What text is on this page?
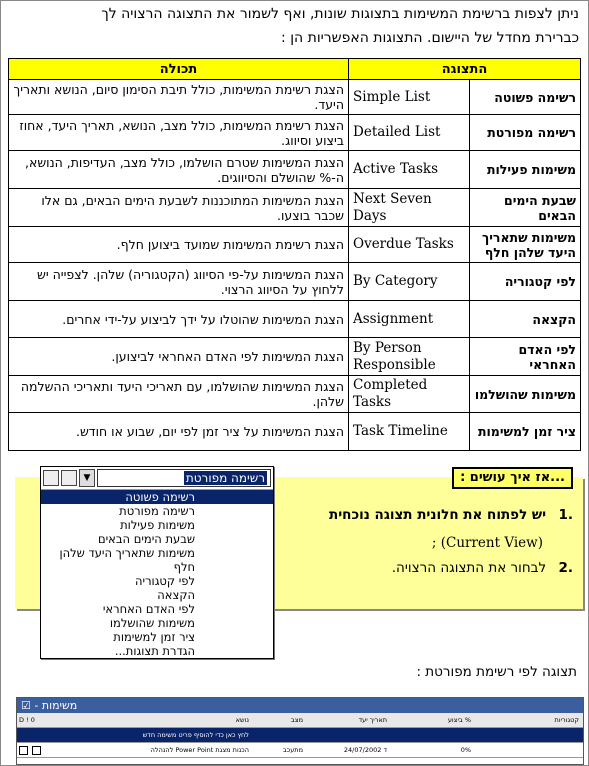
ניתן לצפות ברשימת המשימות בתצוגות שונות, ואף לשמור את התצוגה הרצויה לך

כברירת מחדל של היישום. התצוגות האפשריות הן :

התצוגה		תכולה
רשימה פשוטה	Simple List	הצגת רשימת המשימות, כולל תיבת הסימון סיום, הנושא ותאריך היעד.
רשימה מפורטת	Detailed List	הצגת רשימת המשימות, כולל מצב, הנושא, תאריך היעד, אחוז ביצוע וסיווג.
משימות פעילות	Active Tasks	הצגת המשימות שטרם הושלמו, כולל מצב, העדיפות, הנושא, ה-% שהושלם והסיווגים.
שבעת הימים הבאים	Next Seven Days	הצגת המשימות המתוכננות לשבעת הימים הבאים, גם אלו שכבר בוצעו.
משימות שתאריך היעד שלהן חלף	Overdue Tasks	הצגת רשימת המשימות שמועד ביצוען חלף.
לפי קטגוריה	By Category	הצגת המשימות על-פי הסיווג (הקטגוריה) שלהן. לצפייה יש ללחוץ על הסיווג הרצוי.
הקצאה	Assignment	הצגת המשימות שהוטלו על ידך לביצוע על-ידי אחרים.
לפי האדם האחראי	By Person Responsible	הצגת המשימות לפי האדם האחראי לביצוען.
משימות שהושלמו	Completed Tasks	הצגת המשימות שהושלמו, עם תאריכי היעד ותאריכי ההשלמה שלהן.
ציר זמן למשימות	Task Timeline	הצגת המשימות על ציר זמן לפי יום, שבוע או חודש.
...אז איך עושים :
.1 יש לפתוח את חלונית תצוגה נוכחית
(Current View) ;
.2 לבחור את התצוגה הרצויה.
▼	רשימה מפורטת
רשימה פשוטה
רשימה מפורטת
משימות פעילות
שבעת הימים הבאים
משימות שתאריך היעד שלהן חלף
לפי קטגוריה
הקצאה
לפי האדם האחראי
משימות שהושלמו
ציר זמן למשימות
הגדרת תצוגות...
תצוגה לפי רשימת מפורטת :
☑ - משימות
D ! 0	נושא	מצב	תאריך יעד	% ביצוע	קטגוריות
לחץ כאן כדי להוסיף פריט משימה חדש

הכנות מצגת Power Point להנהלה	מתעכב	ד 24/07/2002	0%
